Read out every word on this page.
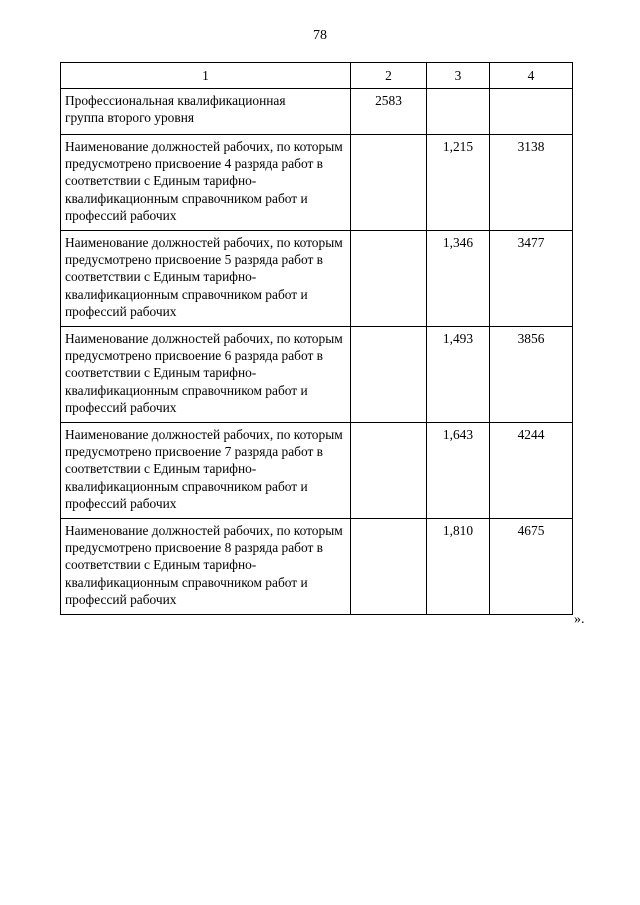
78
1	2	3	4

Профессиональная квалификационная группа второго уровня	2583		
Наименование должностей рабочих, по которым предусмотрено присвоение 4 разряда работ в соответствии с Единым тарифно-квалификационным справочником работ и профессий рабочих		1,215	3138
Наименование должностей рабочих, по которым предусмотрено присвоение 5 разряда работ в соответствии с Единым тарифно-квалификационным справочником работ и профессий рабочих		1,346	3477
Наименование должностей рабочих, по которым предусмотрено присвоение 6 разряда работ в соответствии с Единым тарифно-квалификационным справочником работ и профессий рабочих		1,493	3856
Наименование должностей рабочих, по которым предусмотрено присвоение 7 разряда работ в соответствии с Единым тарифно-квалификационным справочником работ и профессий рабочих		1,643	4244
Наименование должностей рабочих, по которым предусмотрено присвоение 8 разряда работ в соответствии с Единым тарифно-квалификационным справочником работ и профессий рабочих		1,810	4675
».
